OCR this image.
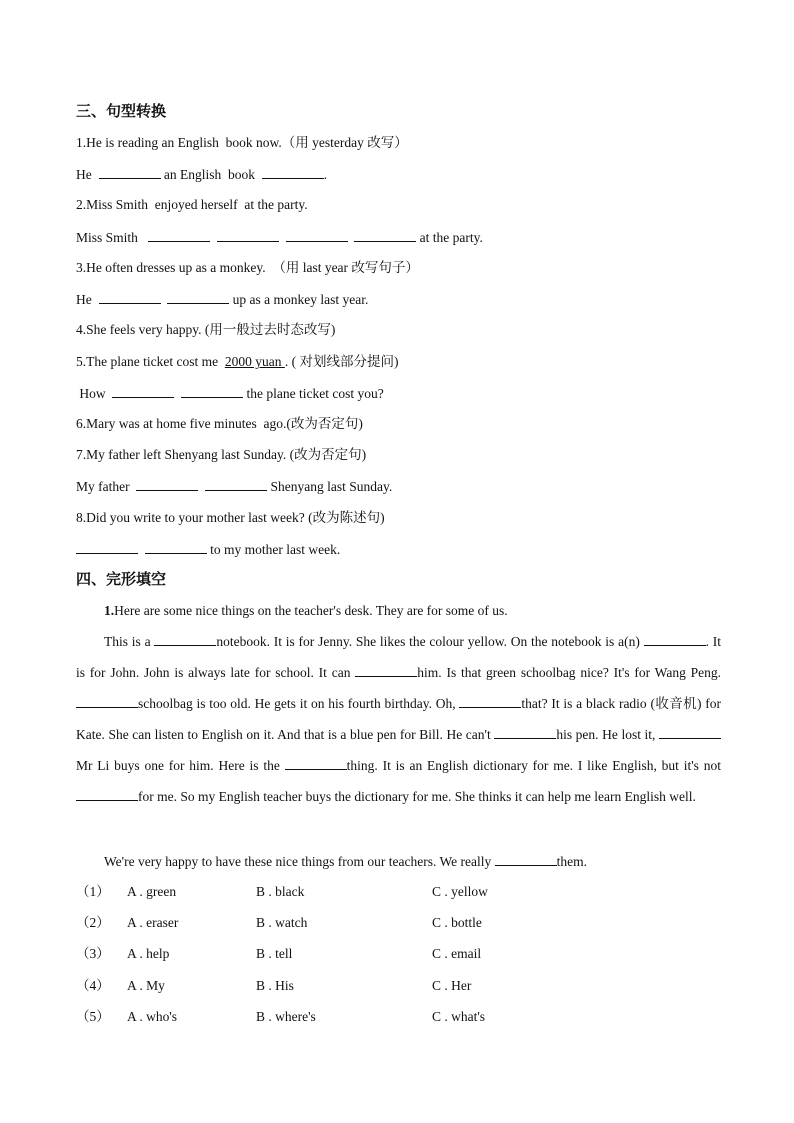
三、句型转换
1.He is reading an English  book now.（用 yesterday 改写）
He	an English  book	.
2.Miss Smith  enjoyed herself  at the party.
Miss Smith	at the party.
3.He often dresses up as a monkey.  （用 last year 改写句子）
He	up as a monkey last year.
4.She feels very happy. (用一般过去时态改写)
5.The plane ticket cost me  2000 yuan . ( 对划线部分提问)
How	the plane ticket cost you?
6.Mary was at home five minutes  ago.(改为否定句)
7.My father left Shenyang last Sunday. (改为否定句)
My father	Shenyang last Sunday.
8.Did you write to your mother last week? (改为陈述句)
to my mother last week.
四、完形填空
1.Here are some nice things on the teacher's desk. They are for some of us.
This is a	notebook. It is for Jenny. She likes the colour yellow. On the notebook is a(n)	. It is for John. John is always late for school. It can	him. Is that green schoolbag nice? It's for Wang Peng. schoolbag is too old. He gets it on his fourth birthday. Oh,	that? It is a black radio (收音机) for Kate. She can listen to English on it. And that is a blue pen for Bill. He can't	his pen. He lost it, Mr Li buys one for him. Here is the	thing. It is an English dictionary for me. I like English, but it's not for me. So my English teacher buys the dictionary for me. She thinks it can help me learn English well.
We're very happy to have these nice things from our teachers. We really	them.
（1） A . green	B . black	C . yellow
（2） A . eraser	B . watch	C . bottle
（3） A . help	B . tell	C . email
（4） A . My	B . His	C . Her
（5） A . who's	B . where's	C . what's
